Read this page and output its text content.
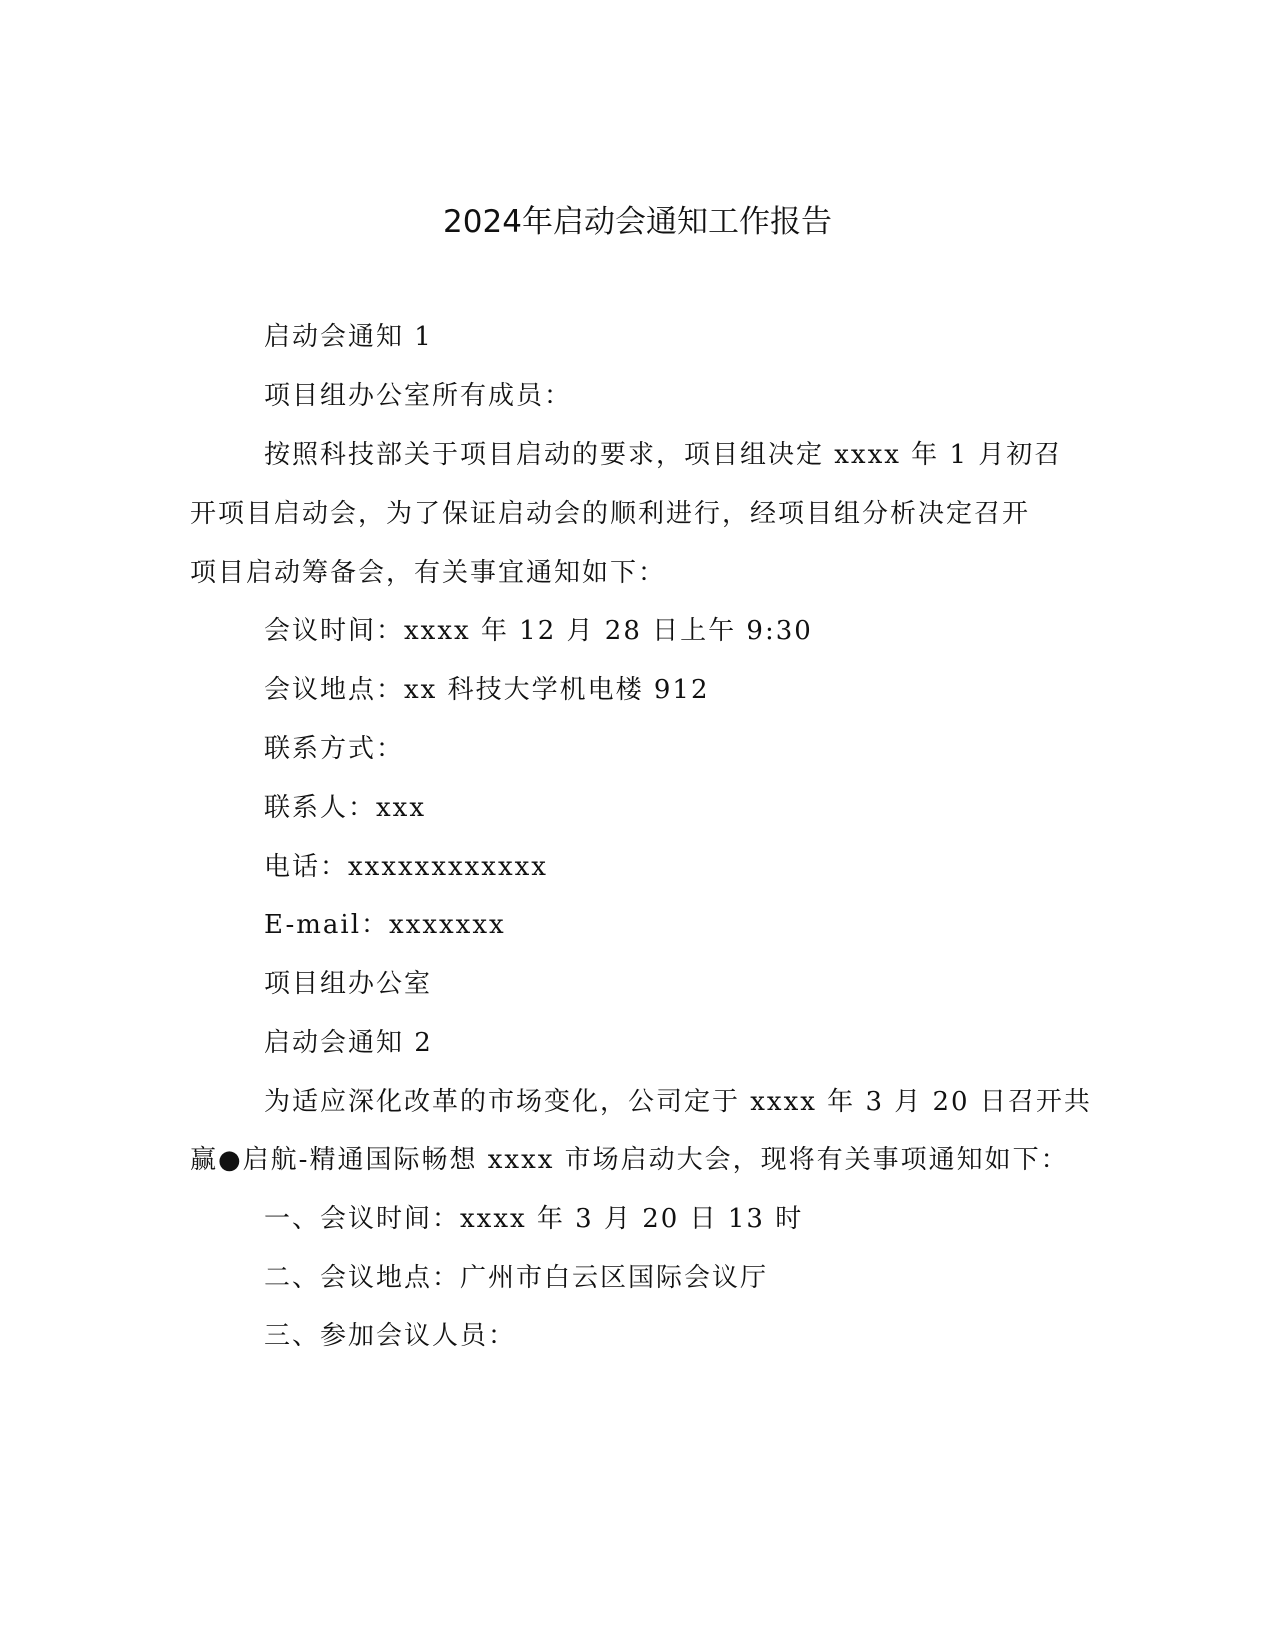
2024年启动会通知工作报告

启动会通知 1

项目组办公室所有成员：

按照科技部关于项目启动的要求，项目组决定 xxxx 年 1 月初召

开项目启动会，为了保证启动会的顺利进行，经项目组分析决定召开

项目启动筹备会，有关事宜通知如下：

会议时间：xxxx 年 12 月 28 日上午 9:30

会议地点：xx 科技大学机电楼 912

联系方式：

联系人：xxx

电话：xxxxxxxxxxxx

E-mail：xxxxxxx

项目组办公室

启动会通知 2

为适应深化改革的市场变化，公司定于 xxxx 年 3 月 20 日召开共

赢●启航-精通国际畅想 xxxx 市场启动大会，现将有关事项通知如下：

一、会议时间：xxxx 年 3 月 20 日 13 时

二、会议地点：广州市白云区国际会议厅

三、参加会议人员：
